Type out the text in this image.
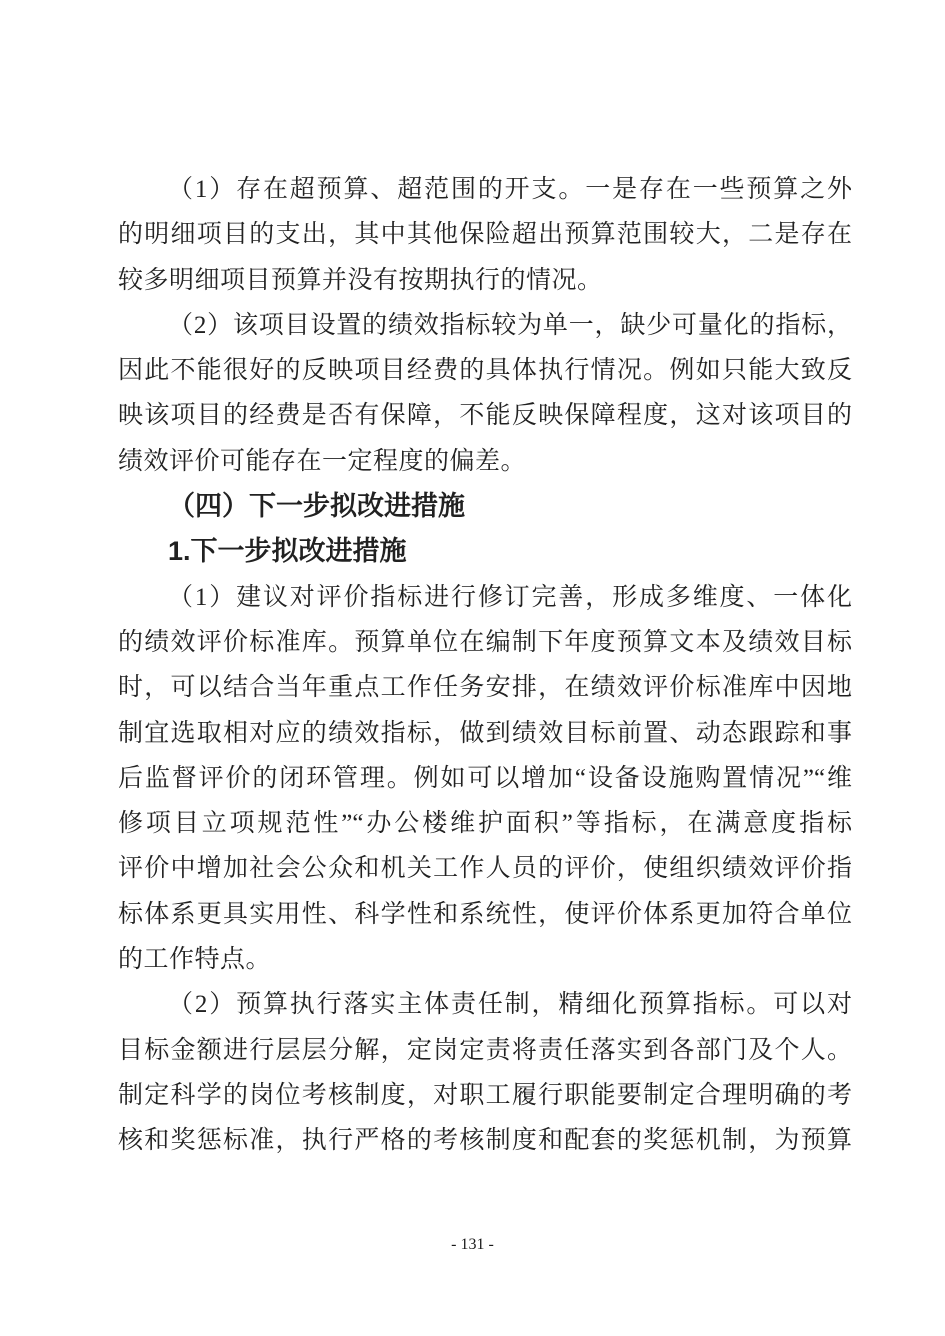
（1）存在超预算、超范围的开支。一是存在一些预算之外
的明细项目的支出，其中其他保险超出预算范围较大，二是存在
较多明细项目预算并没有按期执行的情况。
（2）该项目设置的绩效指标较为单一，缺少可量化的指标，
因此不能很好的反映项目经费的具体执行情况。例如只能大致反
映该项目的经费是否有保障，不能反映保障程度，这对该项目的
绩效评价可能存在一定程度的偏差。
（四）下一步拟改进措施
1.下一步拟改进措施
（1）建议对评价指标进行修订完善，形成多维度、一体化
的绩效评价标准库。预算单位在编制下年度预算文本及绩效目标
时，可以结合当年重点工作任务安排，在绩效评价标准库中因地
制宜选取相对应的绩效指标，做到绩效目标前置、动态跟踪和事
后监督评价的闭环管理。例如可以增加“设备设施购置情况”“维
修项目立项规范性”“办公楼维护面积”等指标，在满意度指标
评价中增加社会公众和机关工作人员的评价，使组织绩效评价指
标体系更具实用性、科学性和系统性，使评价体系更加符合单位
的工作特点。
（2）预算执行落实主体责任制，精细化预算指标。可以对
目标金额进行层层分解，定岗定责将责任落实到各部门及个人。
制定科学的岗位考核制度，对职工履行职能要制定合理明确的考
核和奖惩标准，执行严格的考核制度和配套的奖惩机制，为预算
- 131 -
